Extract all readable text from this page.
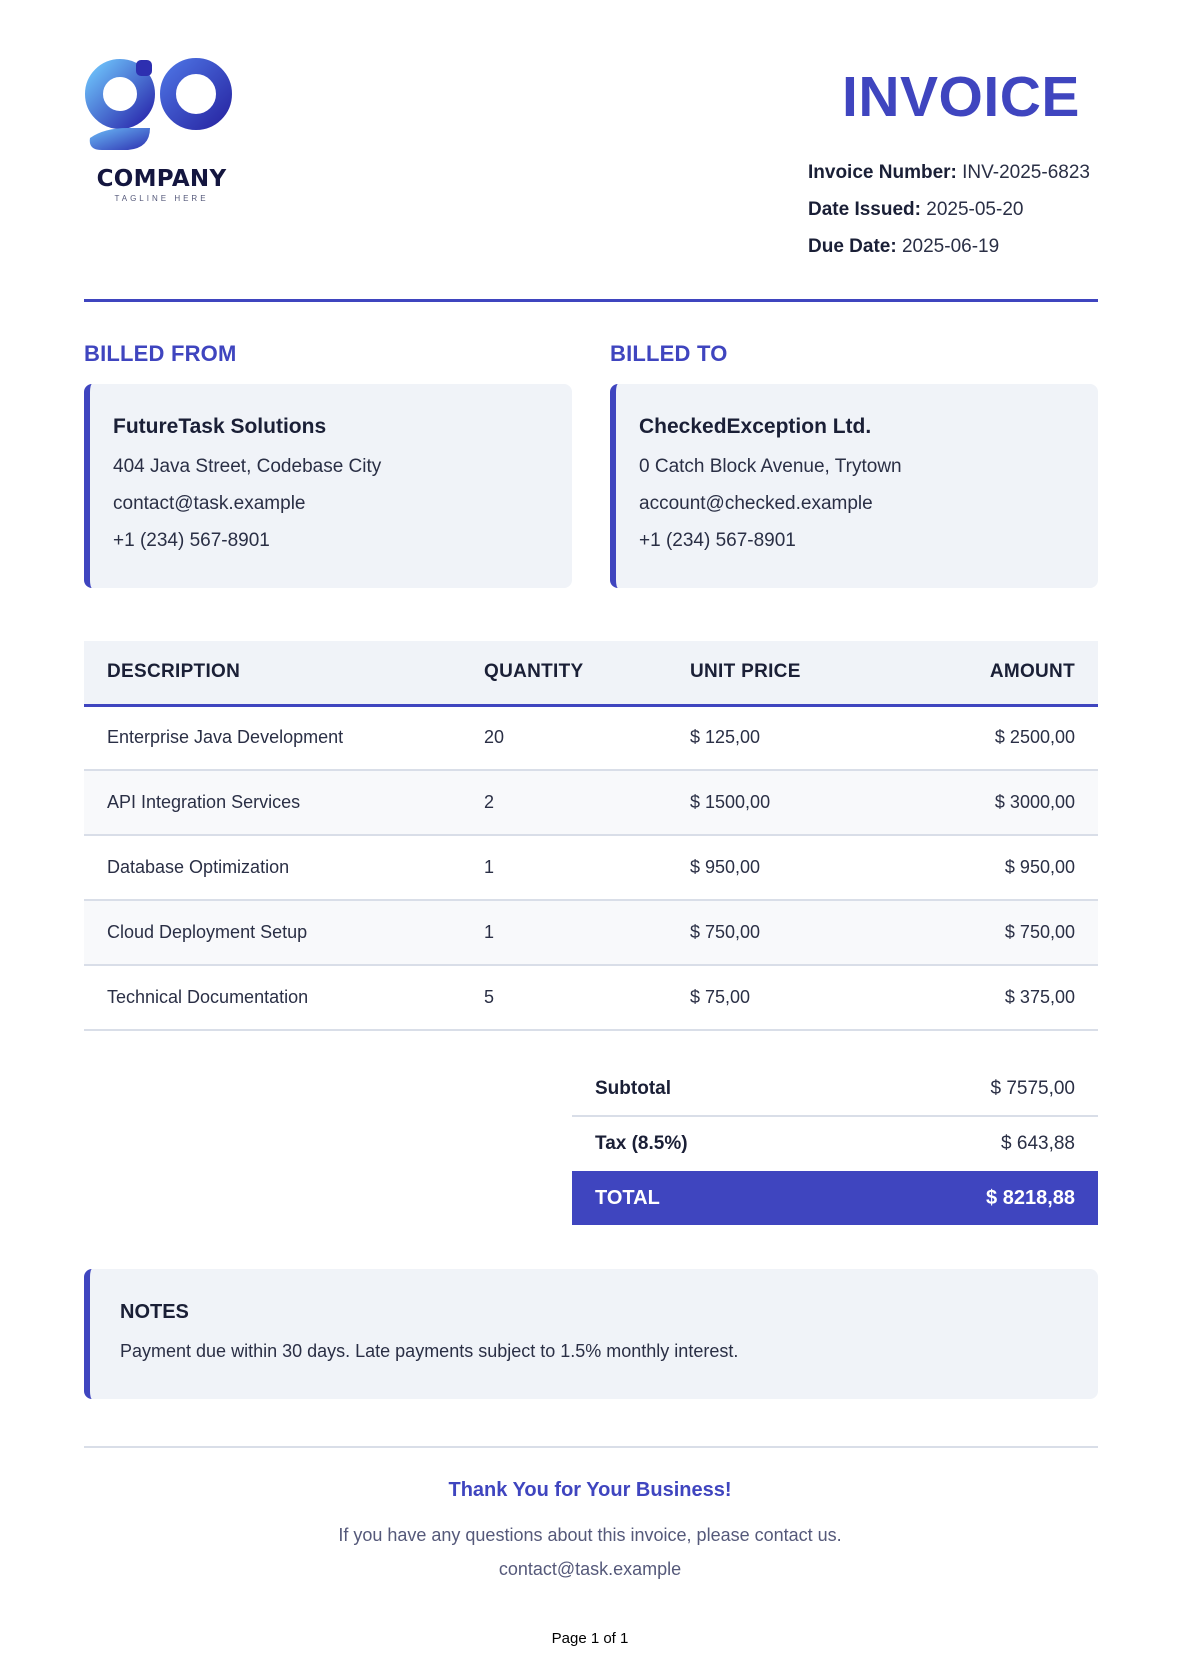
COMPANY
TAGLINE HERE
INVOICE
Invoice Number: INV-2025-6823
Date Issued: 2025-05-20
Due Date: 2025-06-19
BILLED FROM
FutureTask Solutions
404 Java Street, Codebase City
contact@task.example
+1 (234) 567-8901
BILLED TO
CheckedException Ltd.
0 Catch Block Avenue, Trytown
account@checked.example
+1 (234) 567-8901
DESCRIPTION	QUANTITY	UNIT PRICE	AMOUNT
Enterprise Java Development	20	$ 125,00	$ 2500,00
API Integration Services	2	$ 1500,00	$ 3000,00
Database Optimization	1	$ 950,00	$ 950,00
Cloud Deployment Setup	1	$ 750,00	$ 750,00
Technical Documentation	5	$ 75,00	$ 375,00
Subtotal	$ 7575,00
Tax (8.5%)	$ 643,88
TOTAL	$ 8218,88
NOTES
Payment due within 30 days. Late payments subject to 1.5% monthly interest.
Thank You for Your Business!
If you have any questions about this invoice, please contact us.
contact@task.example
Page 1 of 1
